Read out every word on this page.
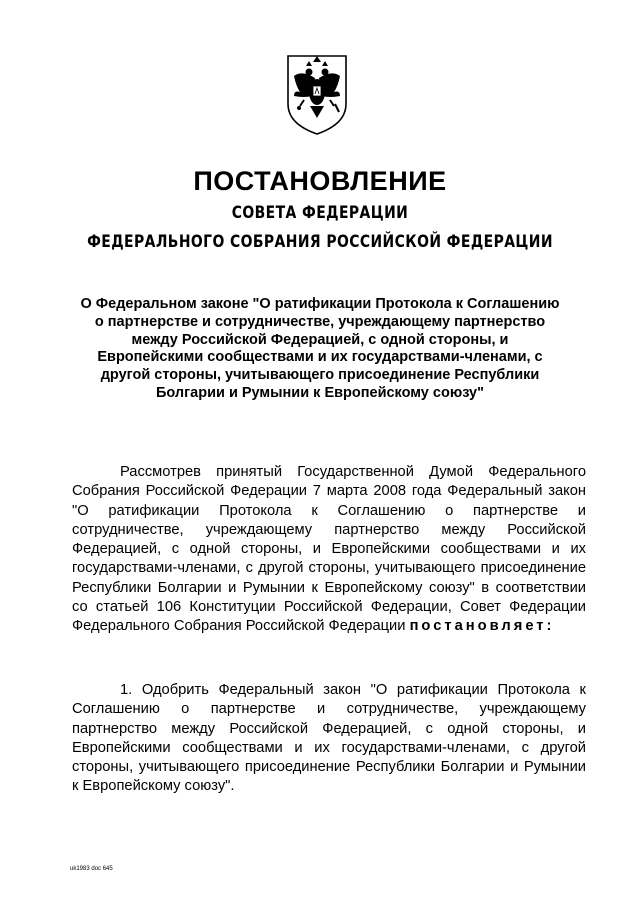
ПОСТАНОВЛЕНИЕ
СОВЕТА ФЕДЕРАЦИИ
ФЕДЕРАЛЬНОГО СОБРАНИЯ РОССИЙСКОЙ ФЕДЕРАЦИИ
О Федеральном законе "О ратификации Протокола к Соглашению о партнерстве и сотрудничестве, учреждающему партнерство между Российской Федерацией, с одной стороны, и Европейскими сообществами и их государствами-членами, с другой стороны, учитывающего присоединение Республики Болгарии и Румынии к Европейскому союзу"
Рассмотрев принятый Государственной Думой Федерального Собрания Российской Федерации 7 марта 2008 года Федеральный закон "О ратификации Протокола к Соглашению о партнерстве и сотрудничестве, учреждающему партнерство между Российской Федерацией, с одной стороны, и Европейскими сообществами и их государствами-членами, с другой стороны, учитывающего присоединение Республики Болгарии и Румынии к Европейскому союзу" в соответствии со статьей 106 Конституции Российской Федерации, Совет Федерации Федерального Собрания Российской Федерации постановляет:
1. Одобрить Федеральный закон "О ратификации Протокола к Соглашению о партнерстве и сотрудничестве, учреждающему партнерство между Российской Федерацией, с одной стороны, и Европейскими сообществами и их государствами-членами, с другой стороны, учитывающего присоединение Республики Болгарии и Румынии к Европейскому союзу".
uk1983 doc 645
